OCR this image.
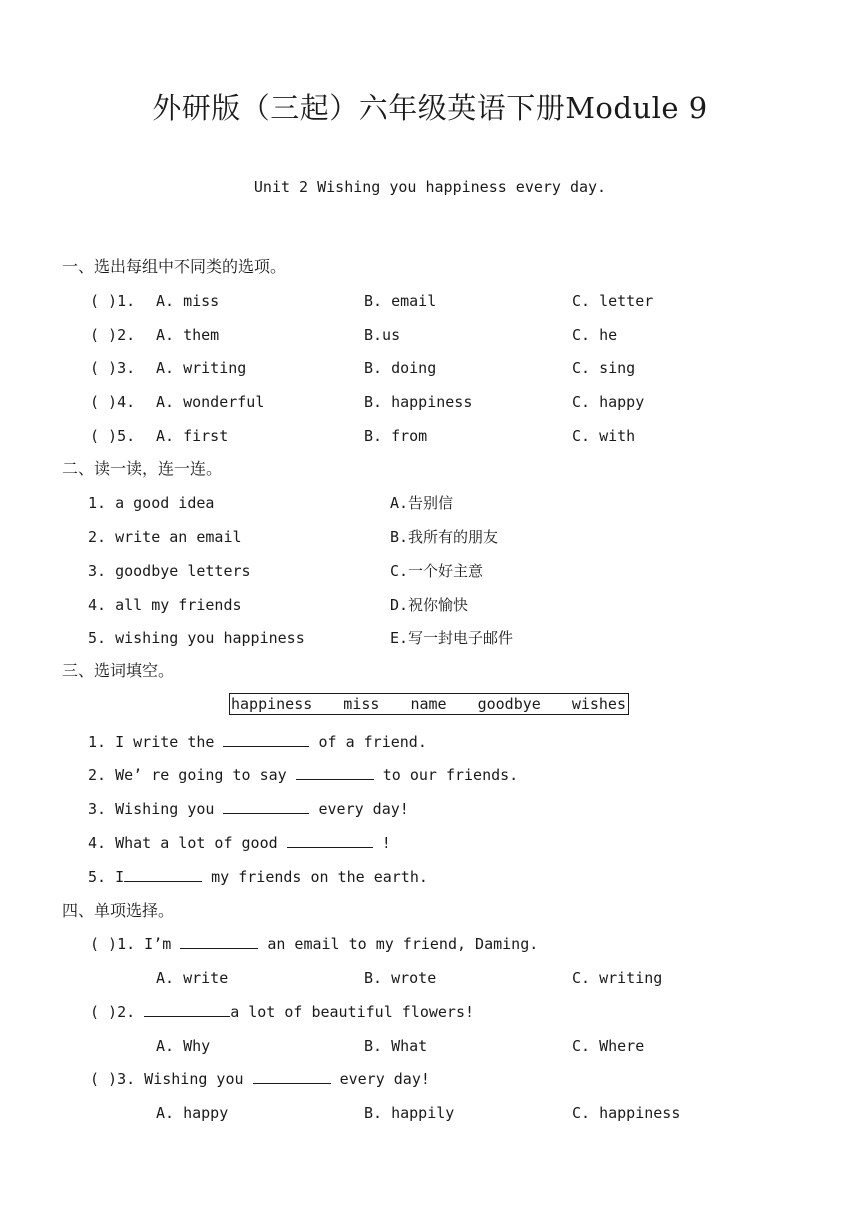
外研版（三起）六年级英语下册Module 9
Unit 2 Wishing you happiness every day.
一、选出每组中不同类的选项。
( )1. A. miss	B. email	C. letter
( )2. A. them	B.us	C. he
( )3. A. writing	B. doing	C. sing
( )4. A. wonderful	B. happiness	C. happy
( )5. A. first	B. from	C. with
二、读一读，连一连。
1. a good idea	A.告别信
2. write an email	B.我所有的朋友
3. goodbye letters	C.一个好主意
4. all my friends	D.祝你愉快
5. wishing you happiness	E.写一封电子邮件
三、选词填空。
happiness miss name goodbye wishes
1. I write the	of a friend.
2. We’ re going to say	to our friends.
3. Wishing you	every day!
4. What a lot of good	!
5. I	my friends on the earth.
四、单项选择。
( )1. I’m	an email to my friend, Daming.
A. write	B. wrote	C. writing
( )2.	a lot of beautiful flowers!
A. Why	B. What	C. Where
( )3. Wishing you	every day!
A. happy	B. happily	C. happiness
